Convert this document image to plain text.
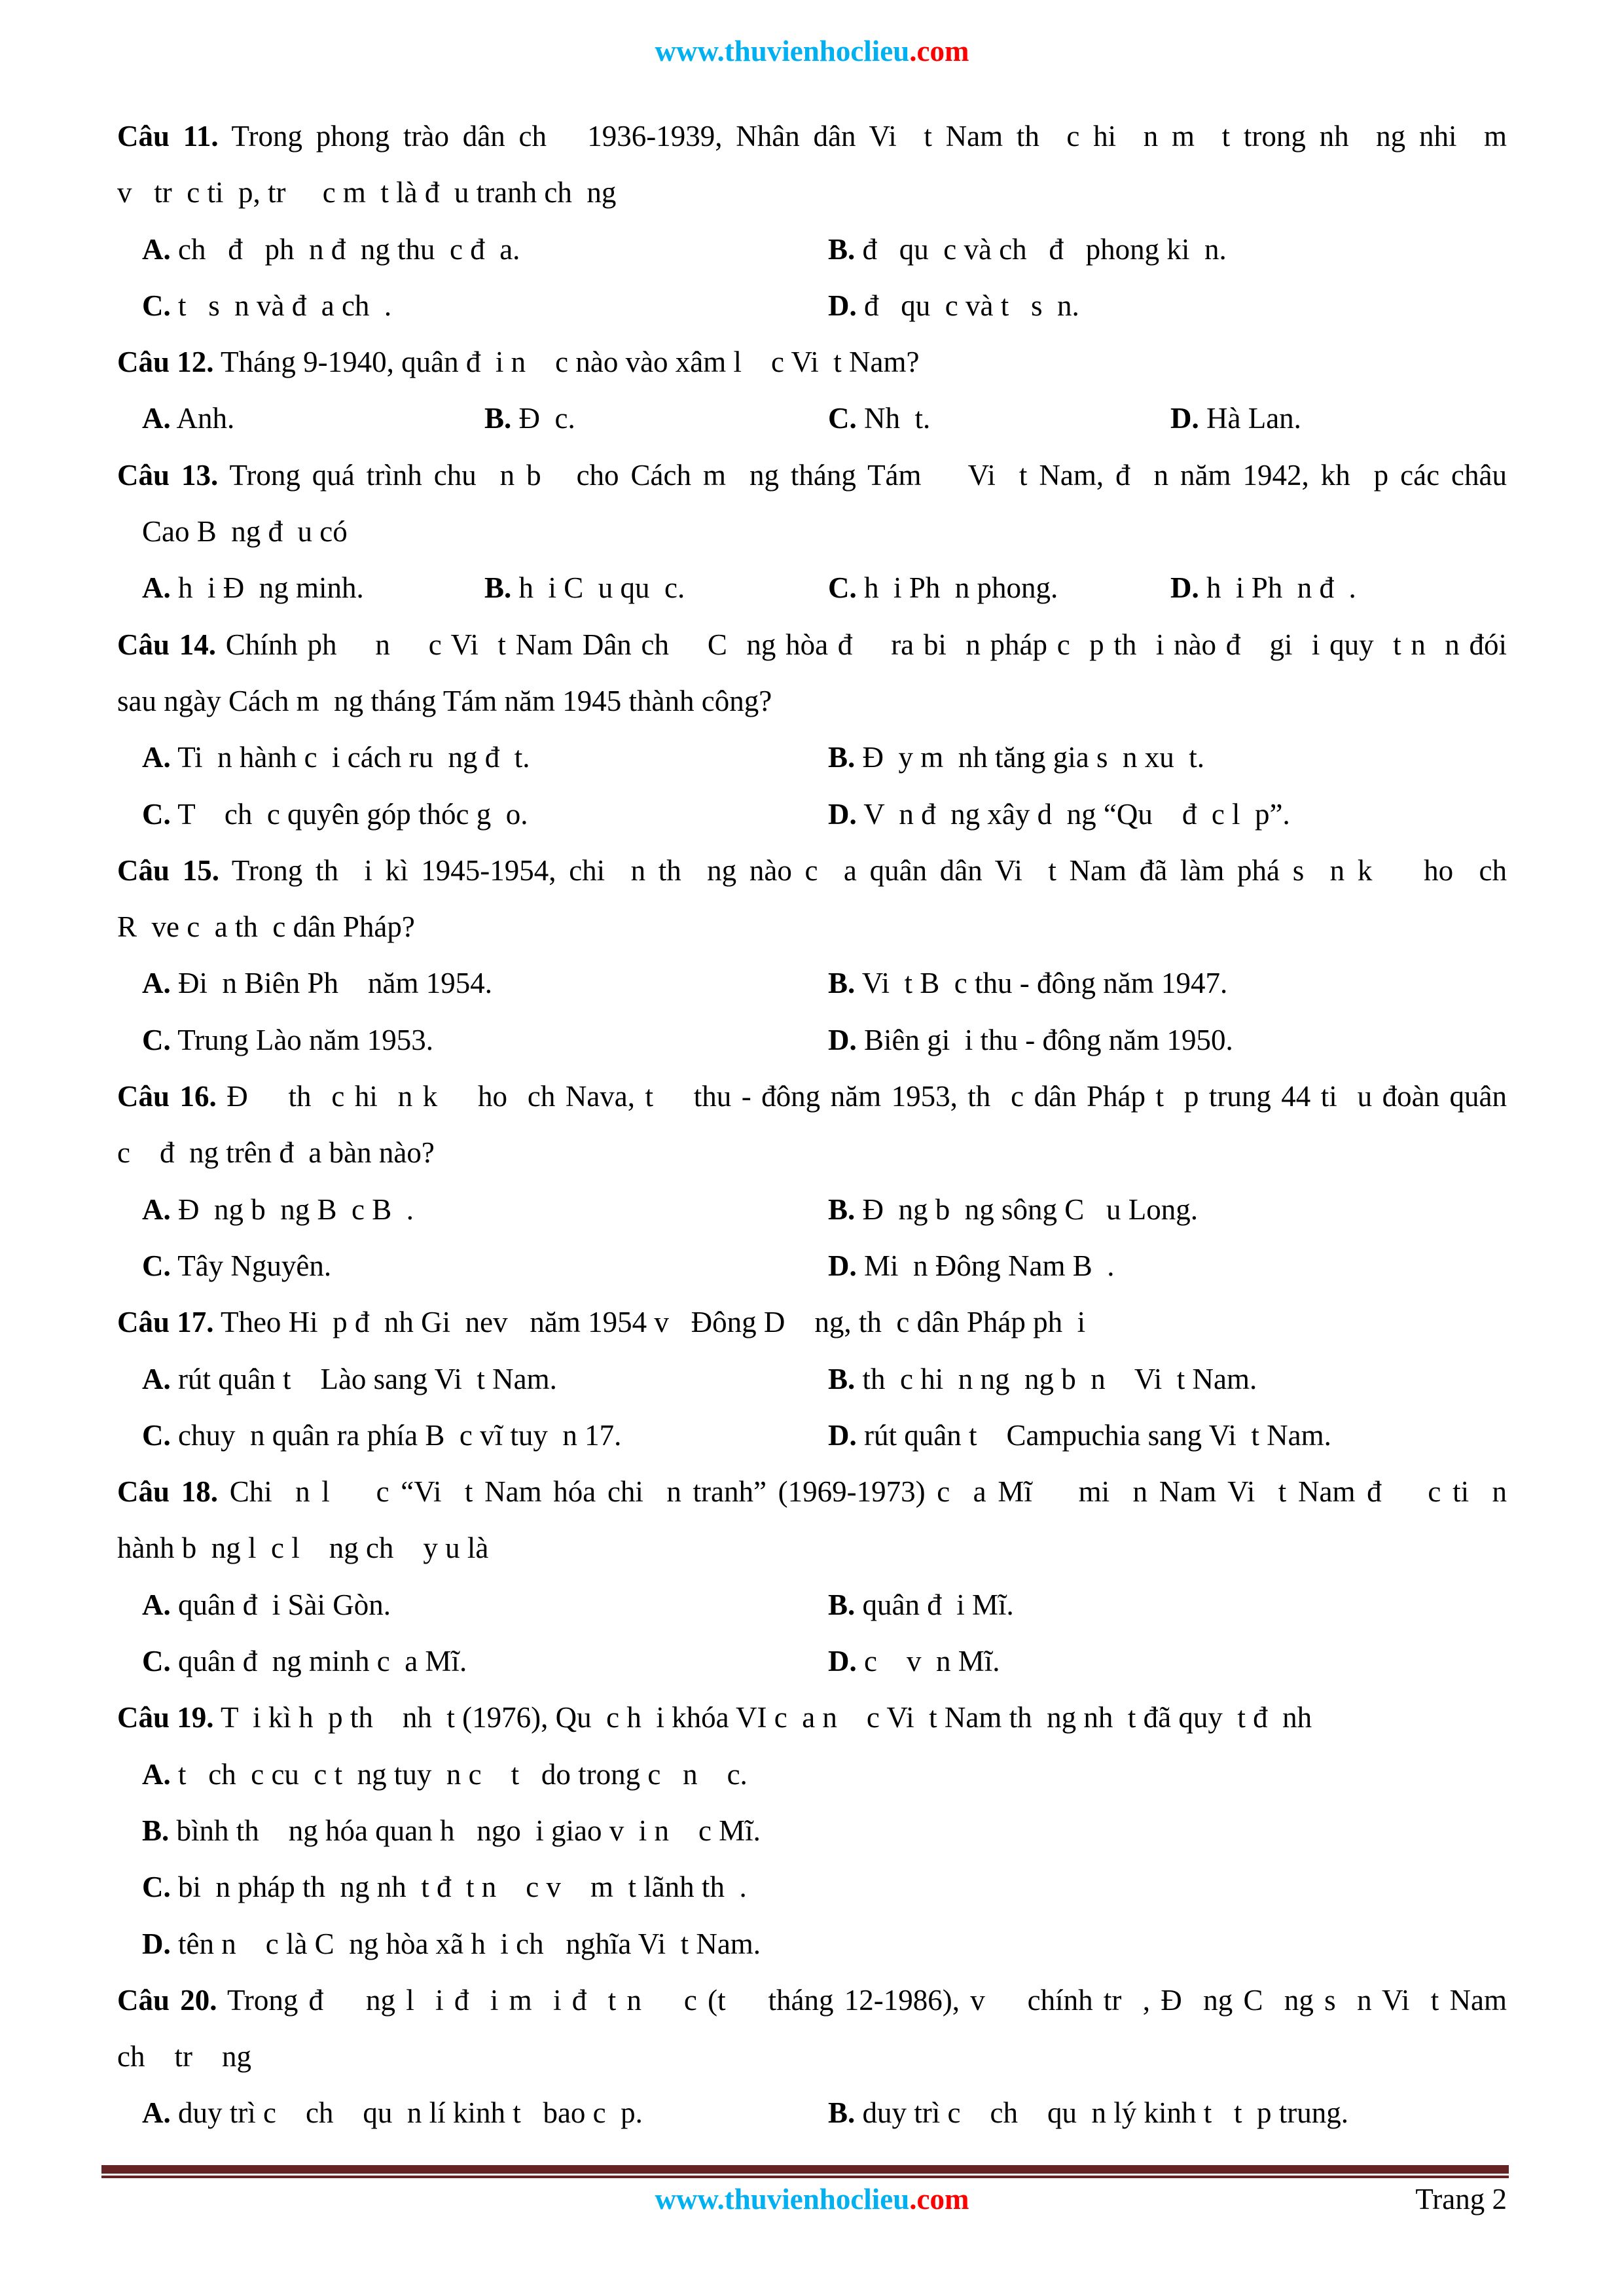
www.thuvienhoclieu.com
Câu 11. Trong phong trào dân ch   1936-1939, Nhân dân Vi  t Nam th  c hi  n m  t trong nh  ng nhi  m
v   tr  c ti  p, tr     c m  t là đ  u tranh ch  ng
A. ch   đ   ph  n đ  ng thu  c đ  a.	B. đ   qu  c và ch   đ   phong ki  n.
C. t   s  n và đ  a ch  .	D. đ   qu  c và t   s  n.
Câu 12. Tháng 9-1940, quân đ  i n    c nào vào xâm l    c Vi  t Nam?
A. Anh.	B. Đ  c.	C. Nh  t.	D. Hà Lan.
Câu 13. Trong quá trình chu  n b   cho Cách m  ng tháng Tám    Vi  t Nam, đ  n năm 1942, kh  p các châu
Cao B  ng đ  u có
A. h  i Đ  ng minh.	B. h  i C  u qu  c.	C. h  i Ph  n phong.	D. h  i Ph  n đ  .
Câu 14. Chính ph    n    c Vi  t Nam Dân ch    C  ng hòa đ    ra bi  n pháp c  p th  i nào đ   gi  i quy  t n  n đói
sau ngày Cách m  ng tháng Tám năm 1945 thành công?
A. Ti  n hành c  i cách ru  ng đ  t.	B. Đ  y m  nh tăng gia s  n xu  t.
C. T    ch  c quyên góp thóc g  o.	D. V  n đ  ng xây d  ng “Qu    đ  c l  p”.
Câu 15. Trong th  i kì 1945-1954, chi  n th  ng nào c  a quân dân Vi  t Nam đã làm phá s  n k    ho  ch
R  ve c  a th  c dân Pháp?
A. Đi  n Biên Ph    năm 1954.	B. Vi  t B  c thu - đông năm 1947.
C. Trung Lào năm 1953.	D. Biên gi  i thu - đông năm 1950.
Câu 16. Đ    th  c hi  n k    ho  ch Nava, t    thu - đông năm 1953, th  c dân Pháp t  p trung 44 ti  u đoàn quân
c    đ  ng trên đ  a bàn nào?
A. Đ  ng b  ng B  c B  .	B. Đ  ng b  ng sông C   u Long.
C. Tây Nguyên.	D. Mi  n Đông Nam B  .
Câu 17. Theo Hi  p đ  nh Gi  nev   năm 1954 v   Đông D    ng, th  c dân Pháp ph  i
A. rút quân t    Lào sang Vi  t Nam.	B. th  c hi  n ng  ng b  n    Vi  t Nam.
C. chuy  n quân ra phía B  c vĩ tuy  n 17.	D. rút quân t    Campuchia sang Vi  t Nam.
Câu 18. Chi  n l    c “Vi  t Nam hóa chi  n tranh” (1969-1973) c  a Mĩ    mi  n Nam Vi  t Nam đ    c ti  n
hành b  ng l  c l    ng ch    y u là
A. quân đ  i Sài Gòn.	B. quân đ  i Mĩ.
C. quân đ  ng minh c  a Mĩ.	D. c    v  n Mĩ.
Câu 19. T  i kì h  p th    nh  t (1976), Qu  c h  i khóa VI c  a n    c Vi  t Nam th  ng nh  t đã quy  t đ  nh
A. t   ch  c cu  c t  ng tuy  n c    t   do trong c   n    c.
B. bình th    ng hóa quan h   ngo  i giao v  i n    c Mĩ.
C. bi  n pháp th  ng nh  t đ  t n    c v    m  t lãnh th  .
D. tên n    c là C  ng hòa xã h  i ch   nghĩa Vi  t Nam.
Câu 20. Trong đ    ng l  i đ  i m  i đ  t n    c (t    tháng 12-1986), v    chính tr  , Đ  ng C  ng s  n Vi  t Nam
ch    tr    ng
A. duy trì c    ch    qu  n lí kinh t   bao c  p.	B. duy trì c    ch    qu  n lý kinh t   t  p trung.
www.thuvienhoclieu.com	Trang 2
